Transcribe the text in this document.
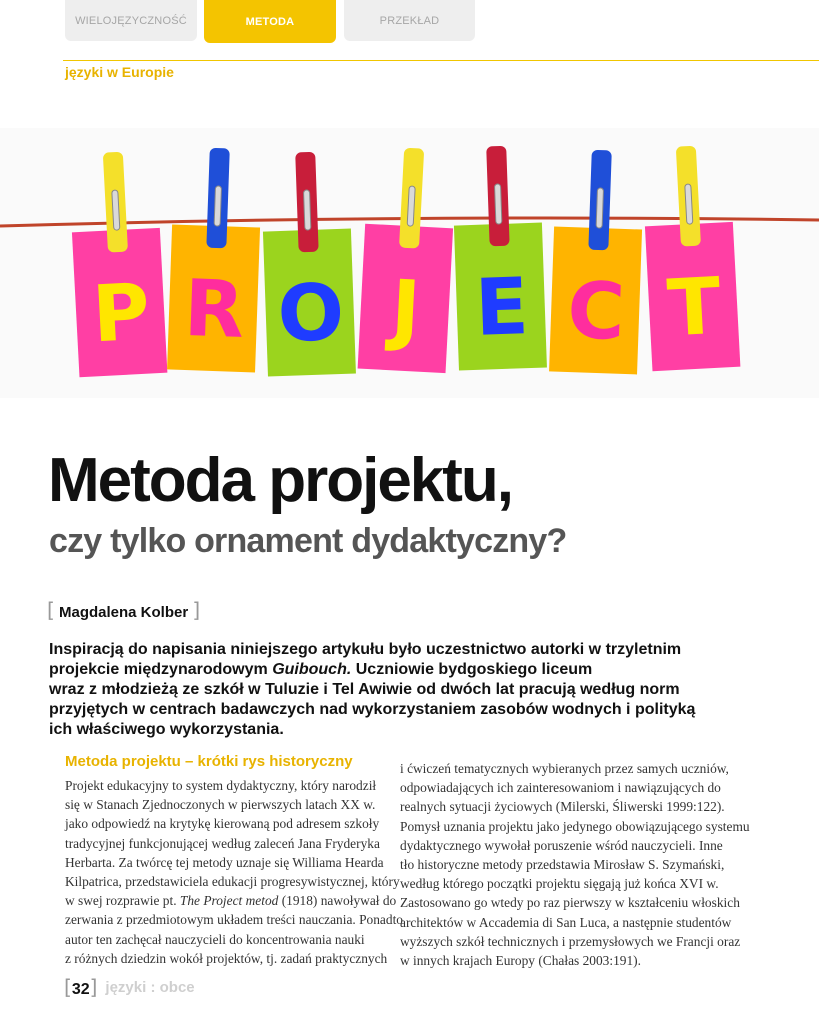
WIELOJĘZYCZNOŚĆ	METODA	PRZEKŁAD
języki w Europie
P R O J E C T
Metoda projektu,
czy tylko ornament dydaktyczny?
[ Magdalena Kolber ]

Inspiracją do napisania niniejszego artykułu było uczestnictwo autorki w trzyletnim

projekcie międzynarodowym Guibouch. Uczniowie bydgoskiego liceum

wraz z młodzieżą ze szkół w Tuluzie i Tel Awiwie od dwóch lat pracują według norm

przyjętych w centrach badawczych nad wykorzystaniem zasobów wodnych i polityką

ich właściwego wykorzystania.

Metoda projektu – krótki rys historyczny
Projekt edukacyjny to system dydaktyczny, który narodził
się w Stanach Zjednoczonych w pierwszych latach XX w.
jako odpowiedź na krytykę kierowaną pod adresem szkoły
tradycyjnej funkcjonującej według zaleceń Jana Fryderyka
Herbarta. Za twórcę tej metody uznaje się Williama Hearda
Kilpatrica, przedstawiciela edukacji progresywistycznej, który
w swej rozprawie pt. The Project metod (1918) nawoływał do
zerwania z przedmiotowym układem treści nauczania. Ponadto
autor ten zachęcał nauczycieli do koncentrowania nauki
z różnych dziedzin wokół projektów, tj. zadań praktycznych
i ćwiczeń tematycznych wybieranych przez samych uczniów,
odpowiadających ich zainteresowaniom i nawiązujących do
realnych sytuacji życiowych (Milerski, Śliwerski 1999:122).
Pomysł uznania projektu jako jedynego obowiązującego systemu
dydaktycznego wywołał poruszenie wśród nauczycieli. Inne
tło historyczne metody przedstawia Mirosław S. Szymański,
według którego początki projektu sięgają już końca XVI w.
Zastosowano go wtedy po raz pierwszy w kształceniu włoskich
architektów w Accademia di San Luca, a następnie studentów
wyższych szkół technicznych i przemysłowych we Francji oraz
w innych krajach Europy (Chałas 2003:191).
[32] języki : obce
